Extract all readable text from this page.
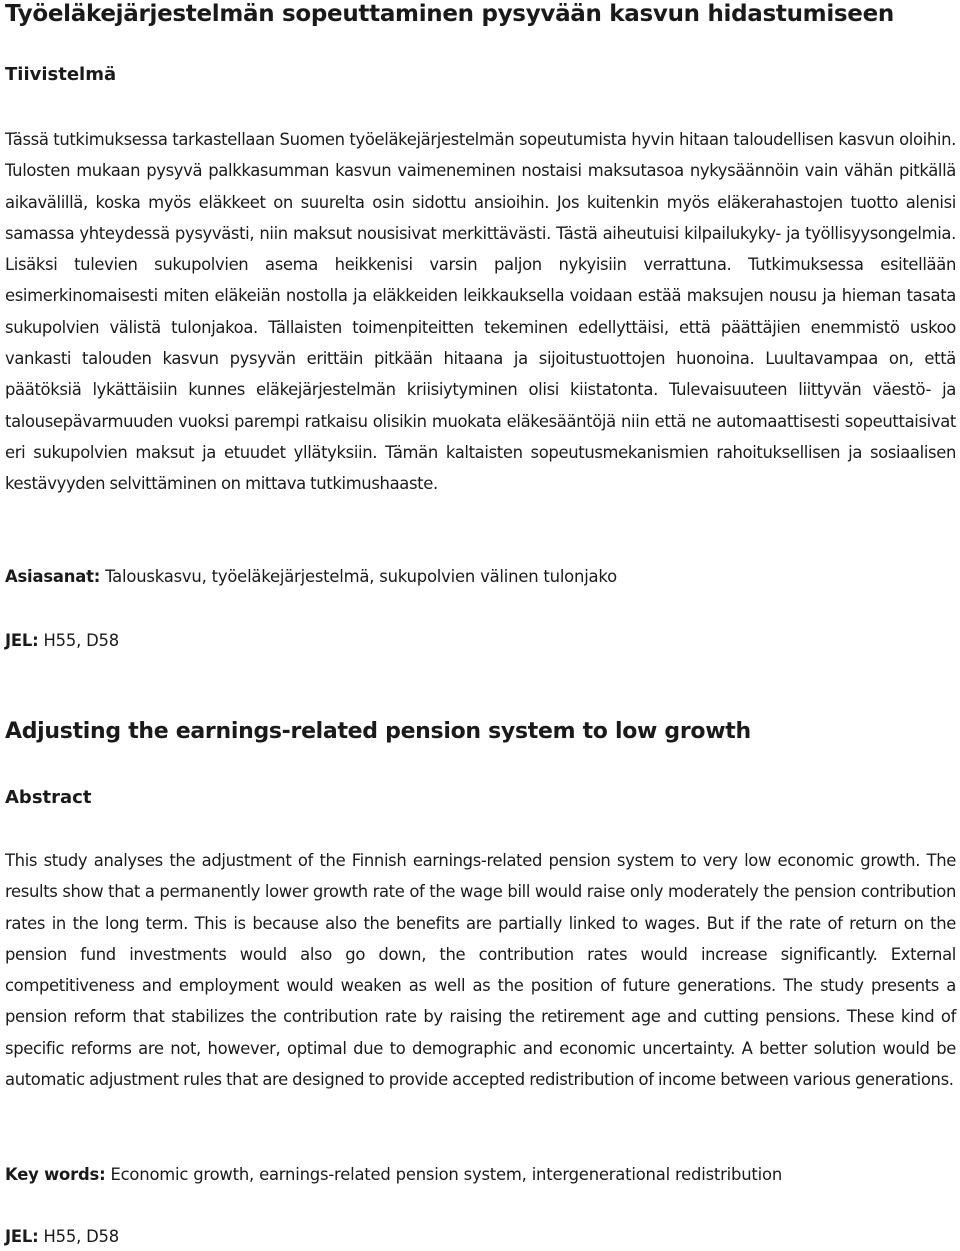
Työeläkejärjestelmän sopeuttaminen pysyvään kasvun hidastumiseen
Tiivistelmä

Tässä tutkimuksessa tarkastellaan Suomen työeläkejärjestelmän sopeutumista hyvin hitaan taloudellisen kasvun oloihin. Tulosten mukaan pysyvä palkkasumman kasvun vaimeneminen nostaisi maksutasoa nykysäännöin vain vähän pitkällä aikavälillä, koska myös eläkkeet on suurelta osin sidottu ansioihin. Jos kuitenkin myös eläkerahastojen tuotto alenisi samassa yhteydessä pysyvästi, niin maksut nousisivat merkittävästi. Tästä aiheutuisi kilpailukyky- ja työllisyysongelmia. Lisäksi tulevien sukupolvien asema heikkenisi varsin paljon nykyisiin verrattuna. Tutkimuksessa esitellään esimerkinomaisesti miten eläkeiän nostolla ja eläkkeiden leikkauksella voidaan estää maksujen nousu ja hieman tasata sukupolvien välistä tulonjakoa. Tällaisten toimenpiteitten tekeminen edellyttäisi, että päättäjien enemmistö uskoo vankasti talouden kasvun pysyvän erittäin pitkään hitaana ja sijoitustuottojen huonoina. Luultavampaa on, että päätöksiä lykättäisiin kunnes eläkejärjestelmän kriisiytyminen olisi kiistatonta. Tulevaisuuteen liittyvän väestö- ja talousepävarmuuden vuoksi parempi ratkaisu olisikin muokata eläkesääntöjä niin että ne automaattisesti sopeuttaisivat eri sukupolvien maksut ja etuudet yllätyksiin. Tämän kaltaisten sopeutusmekanismien rahoituksellisen ja sosiaalisen kestävyyden selvittäminen on mittava tutkimushaaste.

Asiasanat: Talouskasvu, työeläkejärjestelmä, sukupolvien välinen tulonjako

JEL: H55, D58

Adjusting the earnings-related pension system to low growth
Abstract

This study analyses the adjustment of the Finnish earnings-related pension system to very low economic growth. The results show that a permanently lower growth rate of the wage bill would raise only moderately the pension contribution rates in the long term. This is because also the benefits are partially linked to wages. But if the rate of return on the pension fund investments would also go down, the contribution rates would increase significantly. External competitiveness and employment would weaken as well as the position of future generations. The study presents a pension reform that stabilizes the contribution rate by raising the retirement age and cutting pensions. These kind of specific reforms are not, however, optimal due to demographic and economic uncertainty. A better solution would be automatic adjustment rules that are designed to provide accepted redistribution of income between various generations.

Key words: Economic growth, earnings-related pension system, intergenerational redistribution

JEL: H55, D58
